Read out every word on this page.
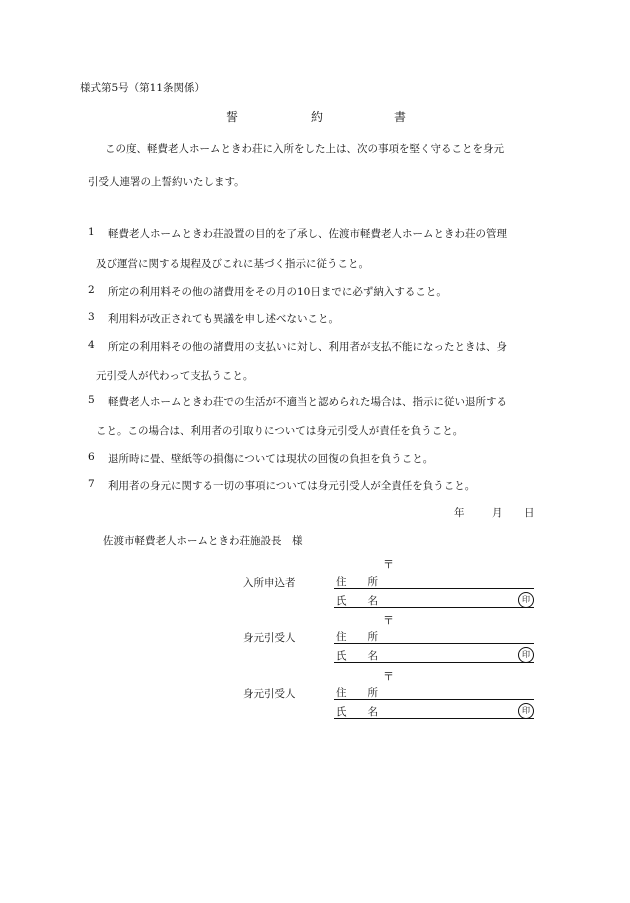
様式第5号（第11条関係）
誓	約	書
この度、軽費老人ホームときわ荘に入所をした上は、次の事項を堅く守ることを身元
引受人連署の上誓約いたします。
1 軽費老人ホームときわ荘設置の目的を了承し、佐渡市軽費老人ホームときわ荘の管理
及び運営に関する規程及びこれに基づく指示に従うこと。
2 所定の利用料その他の諸費用をその月の10日までに必ず納入すること。
3 利用料が改正されても異議を申し述べないこと。
4 所定の利用料その他の諸費用の支払いに対し、利用者が支払不能になったときは、身
元引受人が代わって支払うこと。
5 軽費老人ホームときわ荘での生活が不適当と認められた場合は、指示に従い退所する
こと。この場合は、利用者の引取りについては身元引受人が責任を負うこと。
6 退所時に畳、壁紙等の損傷については現状の回復の負担を負うこと。
7 利用者の身元に関する一切の事項については身元引受人が全責任を負うこと。
年	月 日
佐渡市軽費老人ホームときわ荘施設長　様
〒
入所申込者	住　　所
氏　　名	印
〒
身元引受人	住　　所
氏　　名	印
〒
身元引受人	住　　所
氏　　名	印
